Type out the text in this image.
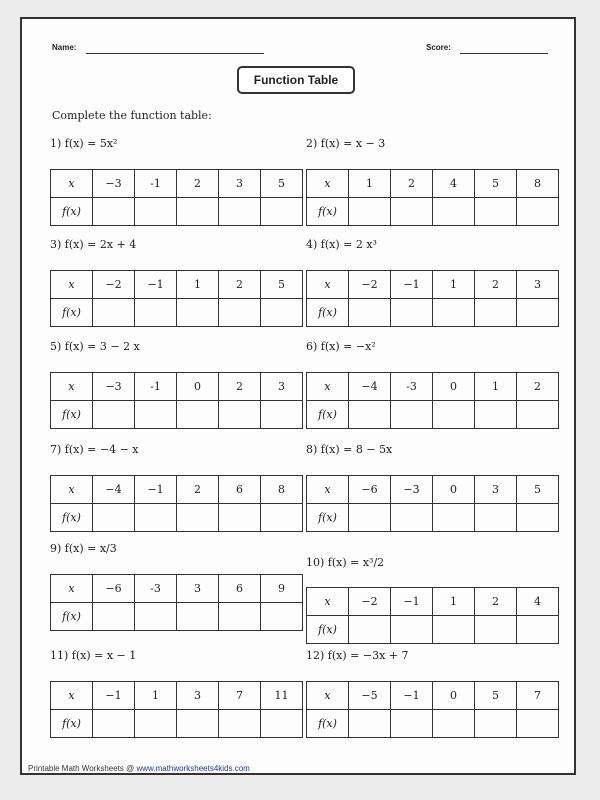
Name:	Score:
Function Table
Complete the function table:
1) f(x) = 5x²
x	−3	-1	2	3	5
f(x)					
2) f(x) = x − 3
x	1	2	4	5	8
f(x)					
3) f(x) = 2x + 4
x	−2	−1	1	2	5
f(x)					
4) f(x) = 2 x³
x	−2	−1	1	2	3
f(x)					
5) f(x) = 3 − 2 x
x	−3	-1	0	2	3
f(x)					
6) f(x) = −x²
x	−4	-3	0	1	2
f(x)					
7) f(x) = −4 − x
x	−4	−1	2	6	8
f(x)					
8) f(x) = 8 − 5x
x	−6	−3	0	3	5
f(x)					
9) f(x) = x/3
x	−6	-3	3	6	9
f(x)					
10) f(x) = x³/2
x	−2	−1	1	2	4
f(x)					
11) f(x) = x − 1
x	−1	1	3	7	11
f(x)					
12) f(x) = −3x + 7
x	−5	−1	0	5	7
f(x)					
Printable Math Worksheets @ www.mathworksheets4kids.com
